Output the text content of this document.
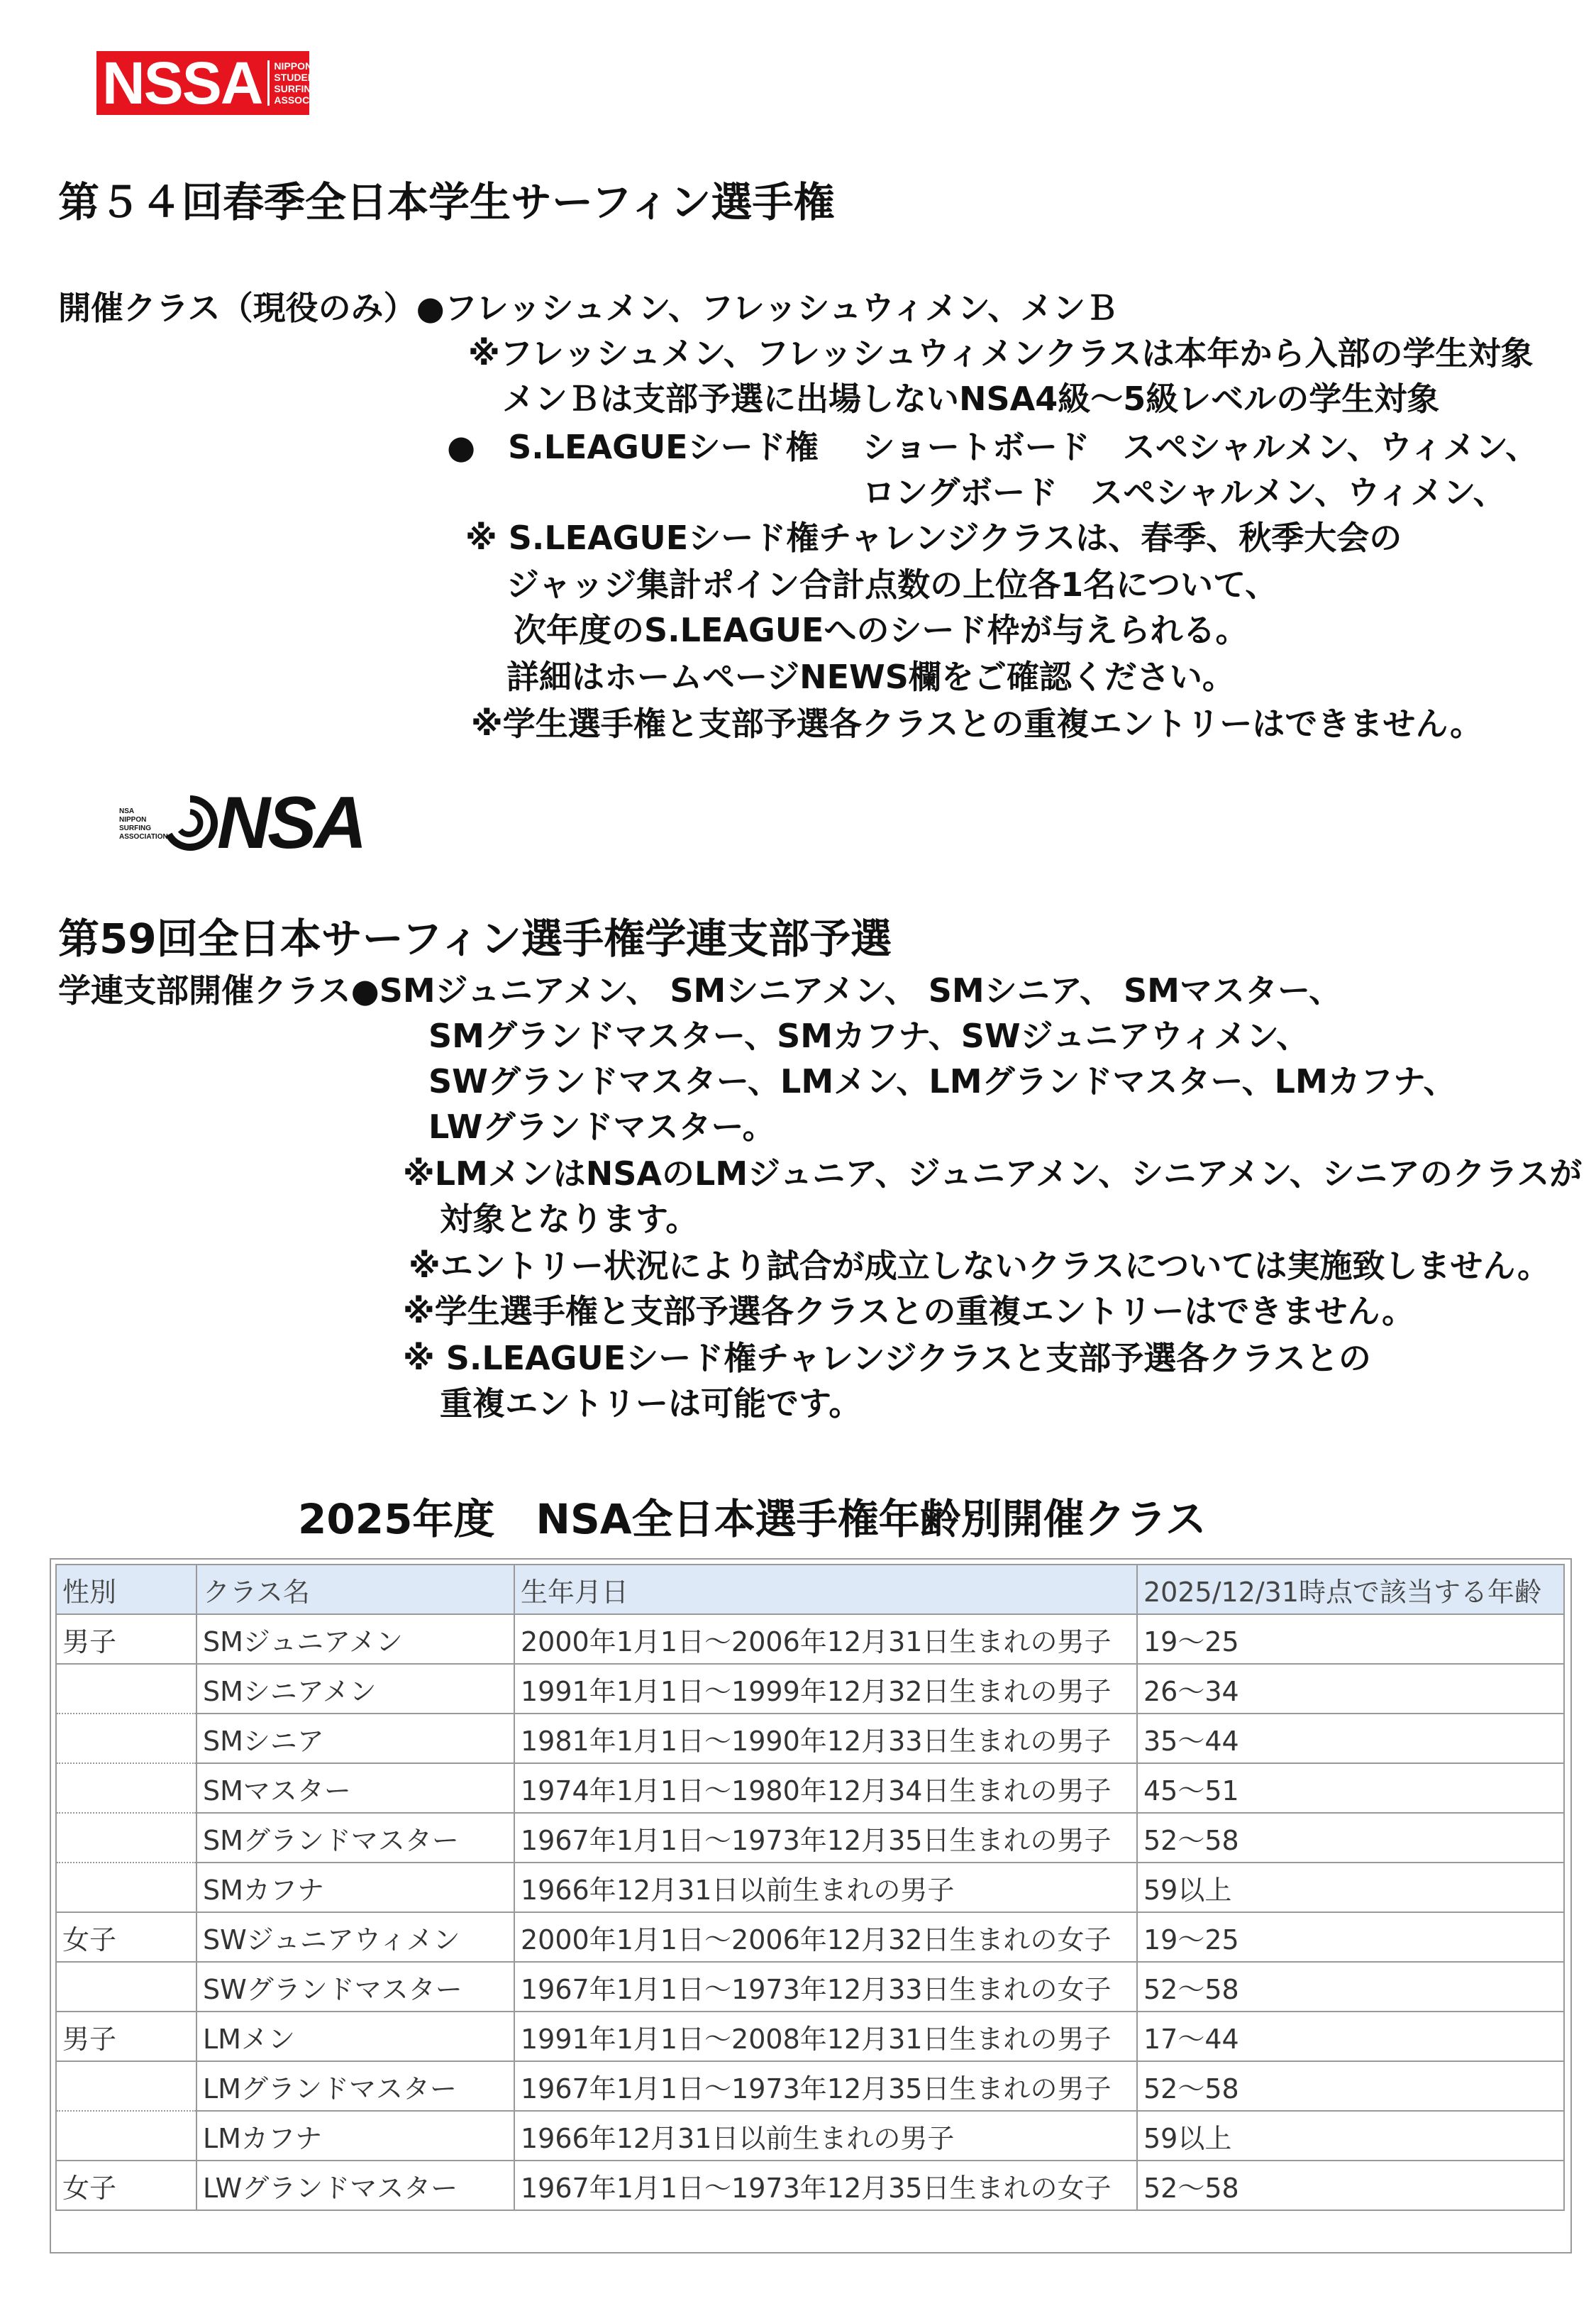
NSSA	NIPPON
STUDENT
SURFING
ASSOC.
第５４回春季全日本学生サーフィン選手権
開催クラス（現役のみ）●フレッシュメン、フレッシュウィメン、メンＢ
※フレッシュメン、フレッシュウィメンクラスは本年から入部の学生対象
メンＢは支部予選に出場しないNSA4級～5級レベルの学生対象
●　S.LEAGUEシード権　 ショートボード　スペシャルメン、ウィメン、
ロングボード　スペシャルメン、ウィメン、
※ S.LEAGUEシード権チャレンジクラスは、春季、秋季大会の
ジャッジ集計ポイン合計点数の上位各1名について、
次年度のS.LEAGUEへのシード枠が与えられる。
詳細はホームページNEWS欄をご確認ください。
※学生選手権と支部予選各クラスとの重複エントリーはできません。
NSA
NSA
NIPPON
SURFING
ASSOCIATION
第59回全日本サーフィン選手権学連支部予選
学連支部開催クラス●SMジュニアメン、 SMシニアメン、 SMシニア、 SMマスター、
SMグランドマスター、SMカフナ、SWジュニアウィメン、
SWグランドマスター、LMメン、LMグランドマスター、LMカフナ、
LWグランドマスター。
※LMメンはNSAのLMジュニア、ジュニアメン、シニアメン、シニアのクラスが
対象となります。
※エントリー状況により試合が成立しないクラスについては実施致しません。
※学生選手権と支部予選各クラスとの重複エントリーはできません。
※ S.LEAGUEシード権チャレンジクラスと支部予選各クラスとの
重複エントリーは可能です。
2025年度　NSA全日本選手権年齢別開催クラス
性別	クラス名	生年月日	2025/12/31時点で該当する年齢
男子	SMジュニアメン	2000年1月1日～2006年12月31日生まれの男子	19～25
	SMシニアメン	1991年1月1日～1999年12月32日生まれの男子	26～34
	SMシニア	1981年1月1日～1990年12月33日生まれの男子	35～44
	SMマスター	1974年1月1日～1980年12月34日生まれの男子	45～51
	SMグランドマスター	1967年1月1日～1973年12月35日生まれの男子	52～58
	SMカフナ	1966年12月31日以前生まれの男子	59以上
女子	SWジュニアウィメン	2000年1月1日～2006年12月32日生まれの女子	19～25
	SWグランドマスター	1967年1月1日～1973年12月33日生まれの女子	52～58
男子	LMメン	1991年1月1日～2008年12月31日生まれの男子	17～44
	LMグランドマスター	1967年1月1日～1973年12月35日生まれの男子	52～58
	LMカフナ	1966年12月31日以前生まれの男子	59以上
女子	LWグランドマスター	1967年1月1日～1973年12月35日生まれの女子	52～58
